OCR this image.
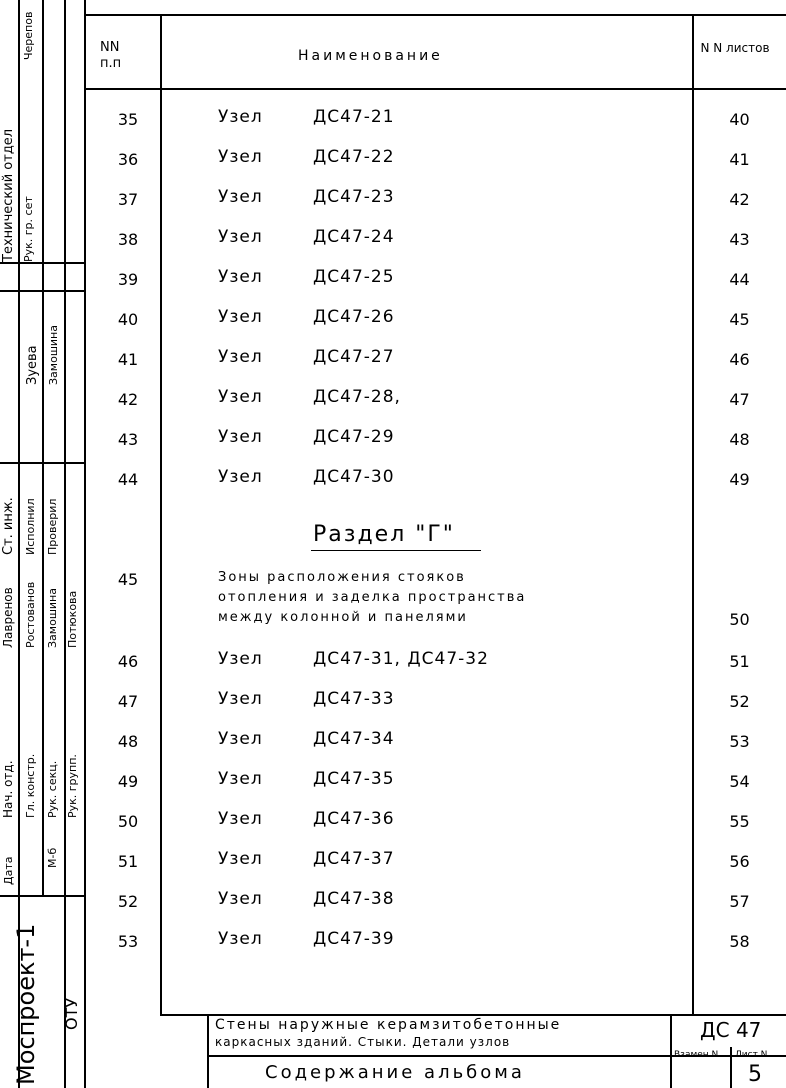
Технический отдел Рук. гр. сет
Черепов
Зуева Замошина
Ст. инж. Исполнил Проверил
Лавренов Ростованов Замошина Потюкова
Нач. отд. Гл. констр. Рук. секц. Рук. групп.
Дата	М-б
Моспроект-1 ОТУ
NN п.п	Наименование	N N листов
35	Узел	ДС47-21	40
36	Узел	ДС47-22	41
37	Узел	ДС47-23	42
38	Узел	ДС47-24	43
39	Узел	ДС47-25	44
40	Узел	ДС47-26	45
41	Узел	ДС47-27	46
42	Узел	ДС47-28,	47
43	Узел	ДС47-29	48
44	Узел	ДС47-30	49
Раздел "Г"
45	Зоны расположения стояков
отопления и заделка пространства
между колонной и панелями	50
46	Узел	ДС47-31, ДС47-32	51
47	Узел	ДС47-33	52
48	Узел	ДС47-34	53
49	Узел	ДС47-35	54
50	Узел	ДС47-36	55
51	Узел	ДС47-37	56
52	Узел	ДС47-38	57
53	Узел	ДС47-39	58
Стены наружные керамзитобетонные
каркасных зданий. Стыки. Детали узлов
Содержание альбома
ДС 47
Взамен N	Лист N
5
